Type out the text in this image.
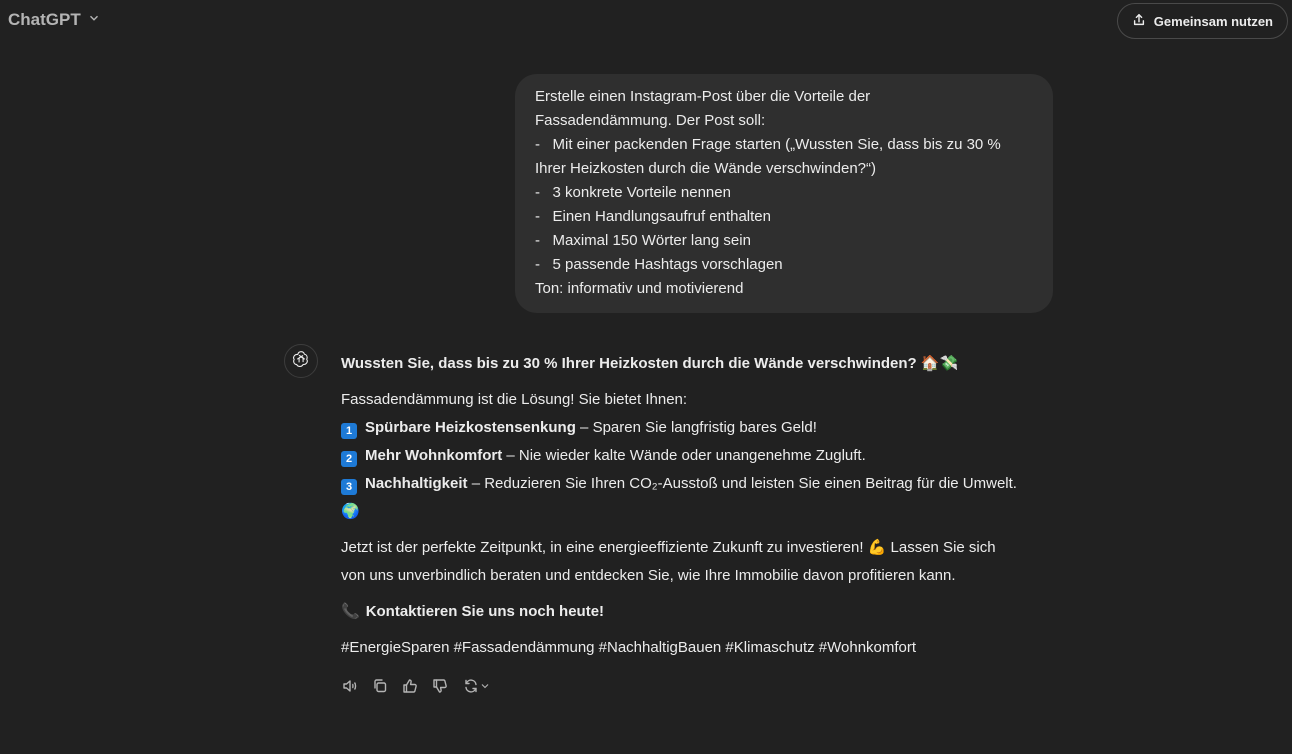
ChatGPT	Gemeinsam nutzen
Erstelle einen Instagram-Post über die Vorteile der
Fassadendämmung. Der Post soll:
-   Mit einer packenden Frage starten („Wussten Sie, dass bis zu 30 %
Ihrer Heizkosten durch die Wände verschwinden?“)
-   3 konkrete Vorteile nennen
-   Einen Handlungsaufruf enthalten
-   Maximal 150 Wörter lang sein
-   5 passende Hashtags vorschlagen
Ton: informativ und motivierend

Wussten Sie, dass bis zu 30 % Ihrer Heizkosten durch die Wände verschwinden? 🏠💸

Fassadendämmung ist die Lösung! Sie bietet Ihnen:
1 Spürbare Heizkostensenkung – Sparen Sie langfristig bares Geld!
2 Mehr Wohnkomfort – Nie wieder kalte Wände oder unangenehme Zugluft.
3 Nachhaltigkeit – Reduzieren Sie Ihren CO₂-Ausstoß und leisten Sie einen Beitrag für die Umwelt.

🌍

Jetzt ist der perfekte Zeitpunkt, in eine energieeffiziente Zukunft zu investieren! 💪 Lassen Sie sich
von uns unverbindlich beraten und entdecken Sie, wie Ihre Immobilie davon profitieren kann.

📞 Kontaktieren Sie uns noch heute!

#EnergieSparen #Fassadendämmung #NachhaltigBauen #Klimaschutz #Wohnkomfort
